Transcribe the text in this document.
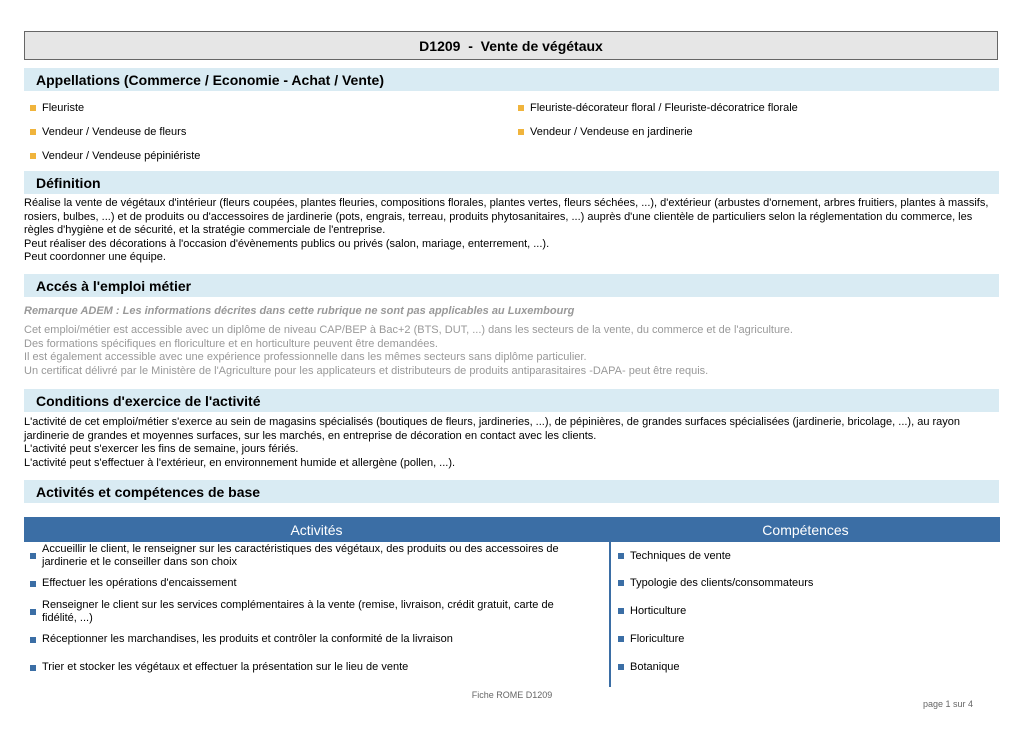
D1209  -  Vente de végétaux
Appellations (Commerce / Economie - Achat / Vente)
Fleuriste
Vendeur / Vendeuse de fleurs
Vendeur / Vendeuse pépiniériste
Fleuriste-décorateur floral / Fleuriste-décoratrice florale
Vendeur / Vendeuse en jardinerie
Définition
Réalise la vente de végétaux d'intérieur (fleurs coupées, plantes fleuries, compositions florales, plantes vertes, fleurs séchées, ...), d'extérieur (arbustes d'ornement, arbres fruitiers, plantes à massifs, rosiers, bulbes, ...) et de produits ou d'accessoires de jardinerie (pots, engrais, terreau, produits phytosanitaires, ...) auprès d'une clientèle de particuliers selon la réglementation du commerce, les règles d'hygiène et de sécurité, et la stratégie commerciale de l'entreprise.
Peut réaliser des décorations à l'occasion d'évènements publics ou privés (salon, mariage, enterrement, ...).
Peut coordonner une équipe.
Accés à l'emploi métier
Remarque ADEM : Les informations décrites dans cette rubrique ne sont pas applicables au Luxembourg
Cet emploi/métier est accessible avec un diplôme de niveau CAP/BEP à Bac+2 (BTS, DUT, ...) dans les secteurs de la vente, du commerce et de l'agriculture.
Des formations spécifiques en floriculture et en horticulture peuvent être demandées.
Il est également accessible avec une expérience professionnelle dans les mêmes secteurs sans diplôme particulier.
Un certificat délivré par le Ministère de l'Agriculture pour les applicateurs et distributeurs de produits antiparasitaires -DAPA- peut être requis.
Conditions d'exercice de l'activité
L'activité de cet emploi/métier s'exerce au sein de magasins spécialisés (boutiques de fleurs, jardineries, ...), de pépinières, de grandes surfaces spécialisées (jardinerie, bricolage, ...), au rayon jardinerie de grandes et moyennes surfaces, sur les marchés, en entreprise de décoration en contact avec les clients.
L'activité peut s'exercer les fins de semaine, jours fériés.
L'activité peut s'effectuer à l'extérieur, en environnement humide et allergène (pollen, ...).
Activités et compétences de base
Activités	Compétences
Accueillir le client, le renseigner sur les caractéristiques des végétaux, des produits ou des accessoires de jardinerie et le conseiller dans son choix
Effectuer les opérations d'encaissement
Renseigner le client sur les services complémentaires à la vente (remise, livraison, crédit gratuit, carte de fidélité, ...)
Réceptionner les marchandises, les produits et contrôler la conformité de la livraison
Trier et stocker les végétaux et effectuer la présentation sur le lieu de vente
Techniques de vente
Typologie des clients/consommateurs
Horticulture
Floriculture
Botanique
Fiche ROME D1209
page 1 sur 4
